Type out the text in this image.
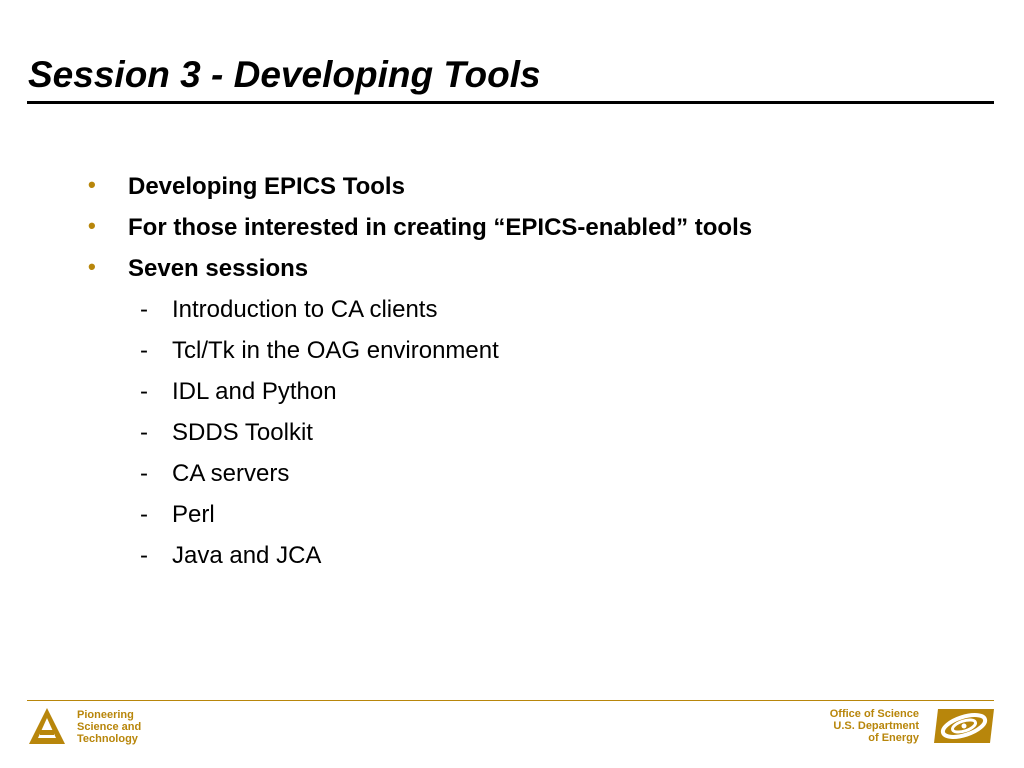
Session 3 - Developing Tools
• Developing EPICS Tools
• For those interested in creating “EPICS-enabled” tools
• Seven sessions
- Introduction to CA clients
- Tcl/Tk in the OAG environment
- IDL and Python
- SDDS Toolkit
- CA servers
- Perl
- Java and JCA
Pioneering
Science and
Technology
Office of Science
U.S. Department
of Energy
